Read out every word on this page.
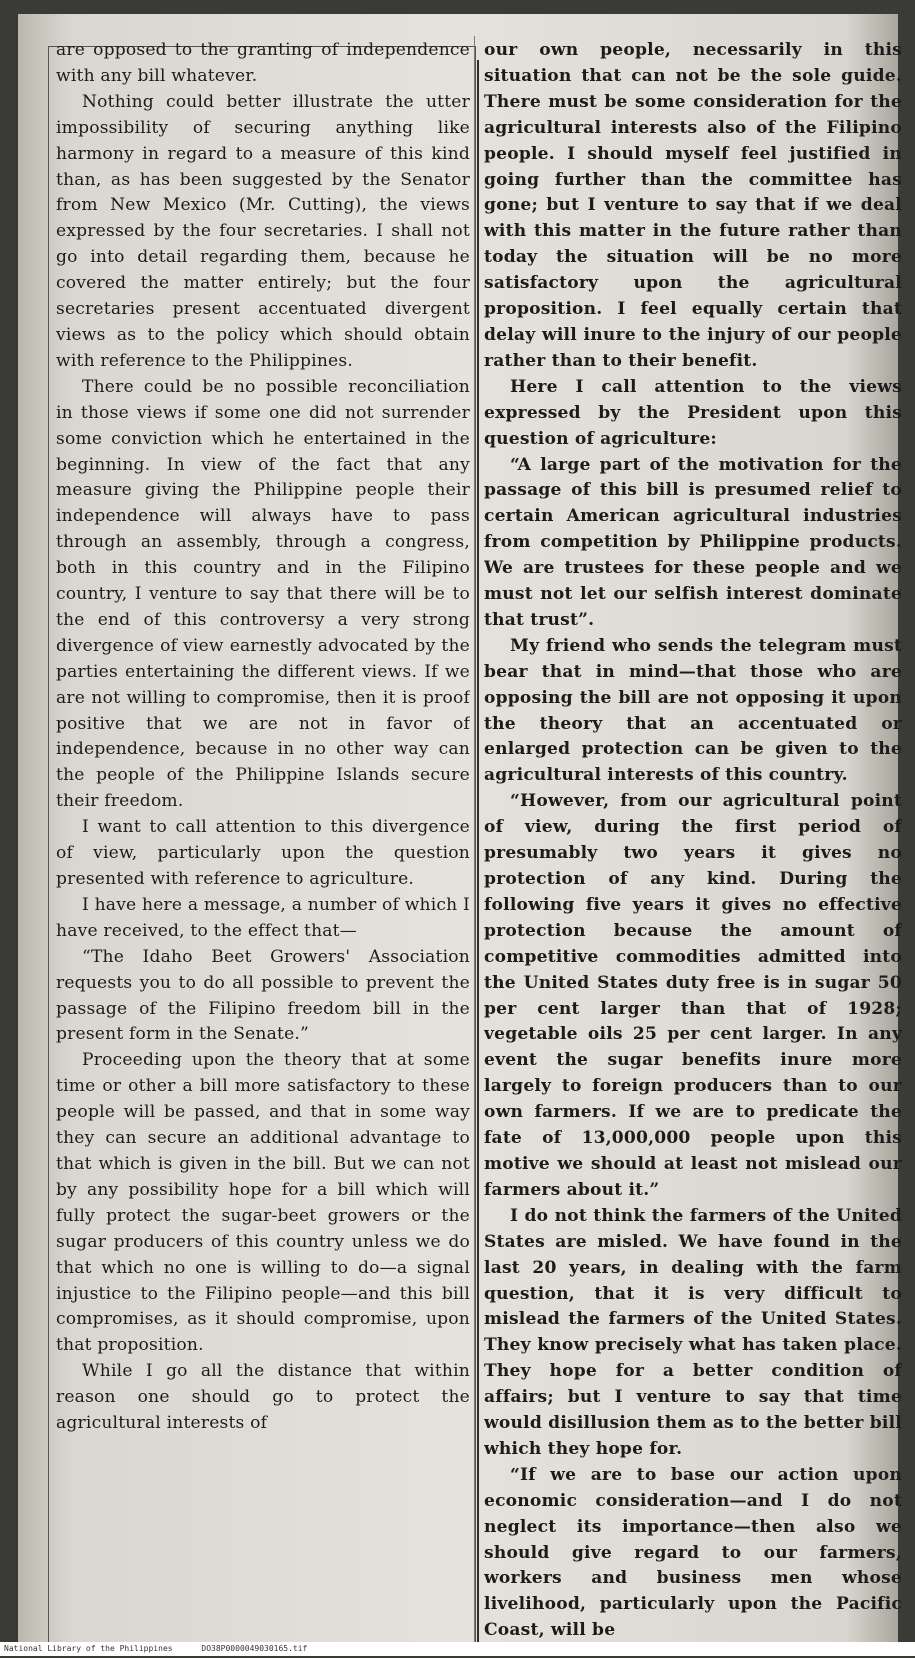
are opposed to the granting of independence with any bill whatever.

Nothing could better illustrate the utter impossibility of securing anything like harmony in regard to a measure of this kind than, as has been suggested by the Senator from New Mexico (Mr. Cutting), the views expressed by the four secretaries. I shall not go into detail regarding them, because he covered the matter entirely; but the four secretaries present accentuated divergent views as to the policy which should obtain with reference to the Philippines.

There could be no possible reconciliation in those views if some one did not surrender some conviction which he entertained in the beginning. In view of the fact that any measure giving the Philippine people their independence will always have to pass through an assembly, through a congress, both in this country and in the Filipino country, I venture to say that there will be to the end of this controversy a very strong divergence of view earnestly advocated by the parties entertaining the different views. If we are not willing to compromise, then it is proof positive that we are not in favor of independence, because in no other way can the people of the Philippine Islands secure their freedom.

I want to call attention to this divergence of view, particularly upon the question presented with reference to agriculture.

I have here a message, a number of which I have received, to the effect that—

“The Idaho Beet Growers' Association requests you to do all possible to prevent the passage of the Filipino freedom bill in the present form in the Senate.”

Proceeding upon the theory that at some time or other a bill more satisfactory to these people will be passed, and that in some way they can secure an additional advantage to that which is given in the bill. But we can not by any possibility hope for a bill which will fully protect the sugar-beet growers or the sugar producers of this country unless we do that which no one is willing to do—a signal injustice to the Filipino people—and this bill compromises, as it should compromise, upon that proposition.

While I go all the distance that within reason one should go to protect the agricultural interests of

our own people, necessarily in this situation that can not be the sole guide. There must be some consideration for the agricultural interests also of the Filipino people. I should myself feel justified in going further than the committee has gone; but I venture to say that if we deal with this matter in the future rather than today the situation will be no more satisfactory upon the agricultural proposition. I feel equally certain that delay will inure to the injury of our people rather than to their benefit.

Here I call attention to the views expressed by the President upon this question of agriculture:

“A large part of the motivation for the passage of this bill is presumed relief to certain American agricultural industries from competition by Philippine products. We are trustees for these people and we must not let our selfish interest dominate that trust”.

My friend who sends the telegram must bear that in mind—that those who are opposing the bill are not opposing it upon the theory that an accentuated or enlarged protection can be given to the agricultural interests of this country.

“However, from our agricultural point of view, during the first period of presumably two years it gives no protection of any kind. During the following five years it gives no effective protection because the amount of competitive commodities admitted into the United States duty free is in sugar 50 per cent larger than that of 1928; vegetable oils 25 per cent larger. In any event the sugar benefits inure more largely to foreign producers than to our own farmers. If we are to predicate the fate of 13,000,000 people upon this motive we should at least not mislead our farmers about it.”

I do not think the farmers of the United States are misled. We have found in the last 20 years, in dealing with the farm question, that it is very difficult to mislead the farmers of the United States. They know precisely what has taken place. They hope for a better condition of affairs; but I venture to say that time would disillusion them as to the better bill which they hope for.

“If we are to base our action upon economic consideration—and I do not neglect its importance—then also we should give regard to our farmers, workers and business men whose livelihood, particularly upon the Pacific Coast, will be

National Library of the Philippines	DO38P0000049030165.tif
